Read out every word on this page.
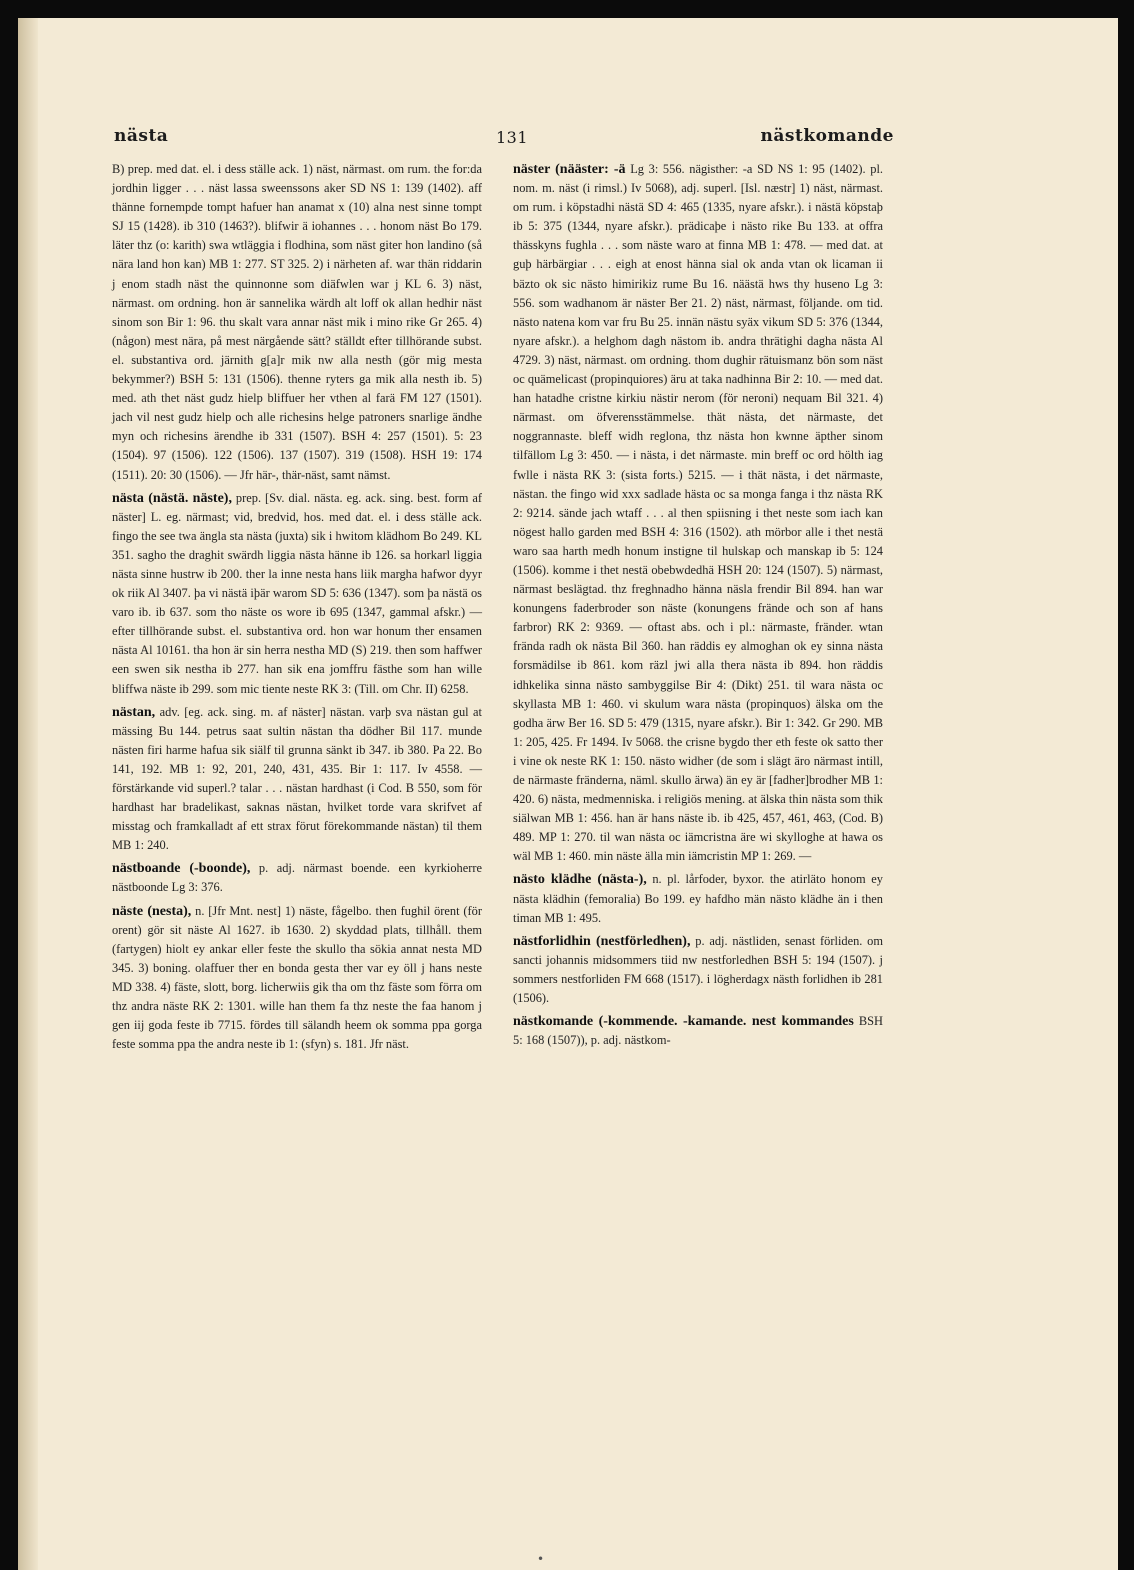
nästa	131	nästkomande

B) prep. med dat. el. i dess ställe ack. 1) näst, närmast. om rum. the for:da jordhin ligger . . . näst lassa sweenssons aker SD NS 1: 139 (1402). aff thänne fornempde tompt hafuer han anamat x (10) alna nest sinne tompt SJ 15 (1428). ib 310 (1463?). blifwir ä iohannes . . . honom näst Bo 179. läter thz (o: karith) swa wtläggia i flodhina, som näst giter hon landino (så nära land hon kan) MB 1: 277. ST 325. 2) i närheten af. war thän riddarin j enom stadh näst the quinnonne som diäfwlen war j KL 6. 3) näst, närmast. om ordning. hon är sannelika wärdh alt loff ok allan hedhir näst sinom son Bir 1: 96. thu skalt vara annar näst mik i mino rike Gr 265. 4) (någon) mest nära, på mest närgående sätt? ställdt efter tillhörande subst. el. substantiva ord. järnith g[a]r mik nw alla nesth (gör mig mesta bekymmer?) BSH 5: 131 (1506). thenne ryters ga mik alla nesth ib. 5) med. ath thet näst gudz hielp bliffuer her vthen al farä FM 127 (1501). jach vil nest gudz hielp och alle richesins helge patroners snarlige ändhe myn och richesins ärendhe ib 331 (1507). BSH 4: 257 (1501). 5: 23 (1504). 97 (1506). 122 (1506). 137 (1507). 319 (1508). HSH 19: 174 (1511). 20: 30 (1506). — Jfr här-, thär-näst, samt nämst.

nästa (nästä. näste), prep. [Sv. dial. nästa. eg. ack. sing. best. form af näster] L. eg. närmast; vid, bredvid, hos. med dat. el. i dess ställe ack. fingo the see twa ängla sta nästa (juxta) sik i hwitom klädhom Bo 249. KL 351. sagho the draghit swärdh liggia nästa hänne ib 126. sa horkarl liggia nästa sinne hustrw ib 200. ther la inne nesta hans liik margha hafwor dyyr ok riik Al 3407. þa vi nästä iþär warom SD 5: 636 (1347). som þa nästä os varo ib. ib 637. som tho näste os wore ib 695 (1347, gammal afskr.) — efter tillhörande subst. el. substantiva ord. hon war honum ther ensamen nästa Al 10161. tha hon är sin herra nestha MD (S) 219. then som haffwer een swen sik nestha ib 277. han sik ena jomffru fästhe som han wille bliffwa näste ib 299. som mic tiente neste RK 3: (Till. om Chr. II) 6258.

nästan, adv. [eg. ack. sing. m. af näster] nästan. varþ sva nästan gul at mässing Bu 144. petrus saat sultin nästan tha dödher Bil 117. munde nästen firi harme hafua sik siälf til grunna sänkt ib 347. ib 380. Pa 22. Bo 141, 192. MB 1: 92, 201, 240, 431, 435. Bir 1: 117. Iv 4558. — förstärkande vid superl.? talar . . . nästan hardhast (i Cod. B 550, som för hardhast har bradelikast, saknas nästan, hvilket torde vara skrifvet af misstag och framkalladt af ett strax förut förekommande nästan) til them MB 1: 240.

nästboande (-boonde), p. adj. närmast boende. een kyrkioherre nästboonde Lg 3: 376.

näste (nesta), n. [Jfr Mnt. nest] 1) näste, fågelbo. then fughil örent (för orent) gör sit näste Al 1627. ib 1630. 2) skyddad plats, tillhåll. them (fartygen) hiolt ey ankar eller feste the skullo tha sökia annat nesta MD 345. 3) boning. olaffuer ther en bonda gesta ther var ey öll j hans neste MD 338. 4) fäste, slott, borg. licherwiis gik tha om thz fäste som förra om thz andra näste RK 2: 1301. wille han them fa thz neste the faa hanom j gen iij goda feste ib 7715. fördes till sälandh heem ok somma ppa gorga feste somma ppa the andra neste ib 1: (sfyn) s. 181. Jfr näst.

näster (nääster: -ä Lg 3: 556. nägisther: -a SD NS 1: 95 (1402). pl. nom. m. näst (i rimsl.) Iv 5068), adj. superl. [Isl. næstr] 1) näst, närmast. om rum. i köpstadhi nästä SD 4: 465 (1335, nyare afskr.). i nästä köpstaþ ib 5: 375 (1344, nyare afskr.). prädicaþe i nästo rike Bu 133. at offra thässkyns fughla . . . som näste waro at finna MB 1: 478. — med dat. at guþ härbärgiar . . . eigh at enost hänna sial ok anda vtan ok licaman ii bäzto ok sic nästo himirikiz rume Bu 16. näästä hws thy huseno Lg 3: 556. som wadhanom är näster Ber 21. 2) näst, närmast, följande. om tid. nästo natena kom var fru Bu 25. innän nästu syäx vikum SD 5: 376 (1344, nyare afskr.). a helghom dagh nästom ib. andra thrätighi dagha nästa Al 4729. 3) näst, närmast. om ordning. thom dughir rätuismanz bön som näst oc quämelicast (propinquiores) äru at taka nadhinna Bir 2: 10. — med dat. han hatadhe cristne kirkiu nästir nerom (för neroni) nequam Bil 321. 4) närmast. om öfverensstämmelse. thät nästa, det närmaste, det noggrannaste. bleff widh reglona, thz nästa hon kwnne äpther sinom tilfällom Lg 3: 450. — i nästa, i det närmaste. min breff oc ord hölth iag fwlle i nästa RK 3: (sista forts.) 5215. — i thät nästa, i det närmaste, nästan. the fingo wid xxx sadlade hästa oc sa monga fanga i thz nästa RK 2: 9214. sände jach wtaff . . . al then spiisning i thet neste som iach kan nögest hallo garden med BSH 4: 316 (1502). ath mörbor alle i thet nestä waro saa harth medh honum instigne til hulskap och manskap ib 5: 124 (1506). komme i thet nestä obebwdedhä HSH 20: 124 (1507). 5) närmast, närmast beslägtad. thz freghnadho hänna näsla frendir Bil 894. han war konungens faderbroder son näste (konungens frände och son af hans farbror) RK 2: 9369. — oftast abs. och i pl.: närmaste, fränder. wtan frända radh ok nästa Bil 360. han räddis ey almoghan ok ey sinna nästa forsmädilse ib 861. kom räzl jwi alla thera nästa ib 894. hon räddis idhkelika sinna nästo sambyggilse Bir 4: (Dikt) 251. til wara nästa oc skyllasta MB 1: 460. vi skulum wara nästa (propinquos) älska om the godha ärw Ber 16. SD 5: 479 (1315, nyare afskr.). Bir 1: 342. Gr 290. MB 1: 205, 425. Fr 1494. Iv 5068. the crisne bygdo ther eth feste ok satto ther i vine ok neste RK 1: 150. nästo widher (de som i slägt äro närmast intill, de närmaste fränderna, näml. skullo ärwa) än ey är [fadher]brodher MB 1: 420. 6) nästa, medmenniska. i religiös mening. at älska thin nästa som thik siälwan MB 1: 456. han är hans näste ib. ib 425, 457, 461, 463, (Cod. B) 489. MP 1: 270. til wan nästa oc iämcristna äre wi skylloghe at hawa os wäl MB 1: 460. min näste älla min iämcristin MP 1: 269. —

nästo klädhe (nästa-), n. pl. lårfoder, byxor. the atirläto honom ey nästa klädhin (femoralia) Bo 199. ey hafdho män nästo klädhe än i then timan MB 1: 495.

nästforlidhin (nestförledhen), p. adj. nästliden, senast förliden. om sancti johannis midsommers tiid nw nestforledhen BSH 5: 194 (1507). j sommers nestforliden FM 668 (1517). i lögherdagx nästh forlidhen ib 281 (1506).

nästkomande (-kommende. -kamande. nest kommandes BSH 5: 168 (1507)), p. adj. nästkom-

•
